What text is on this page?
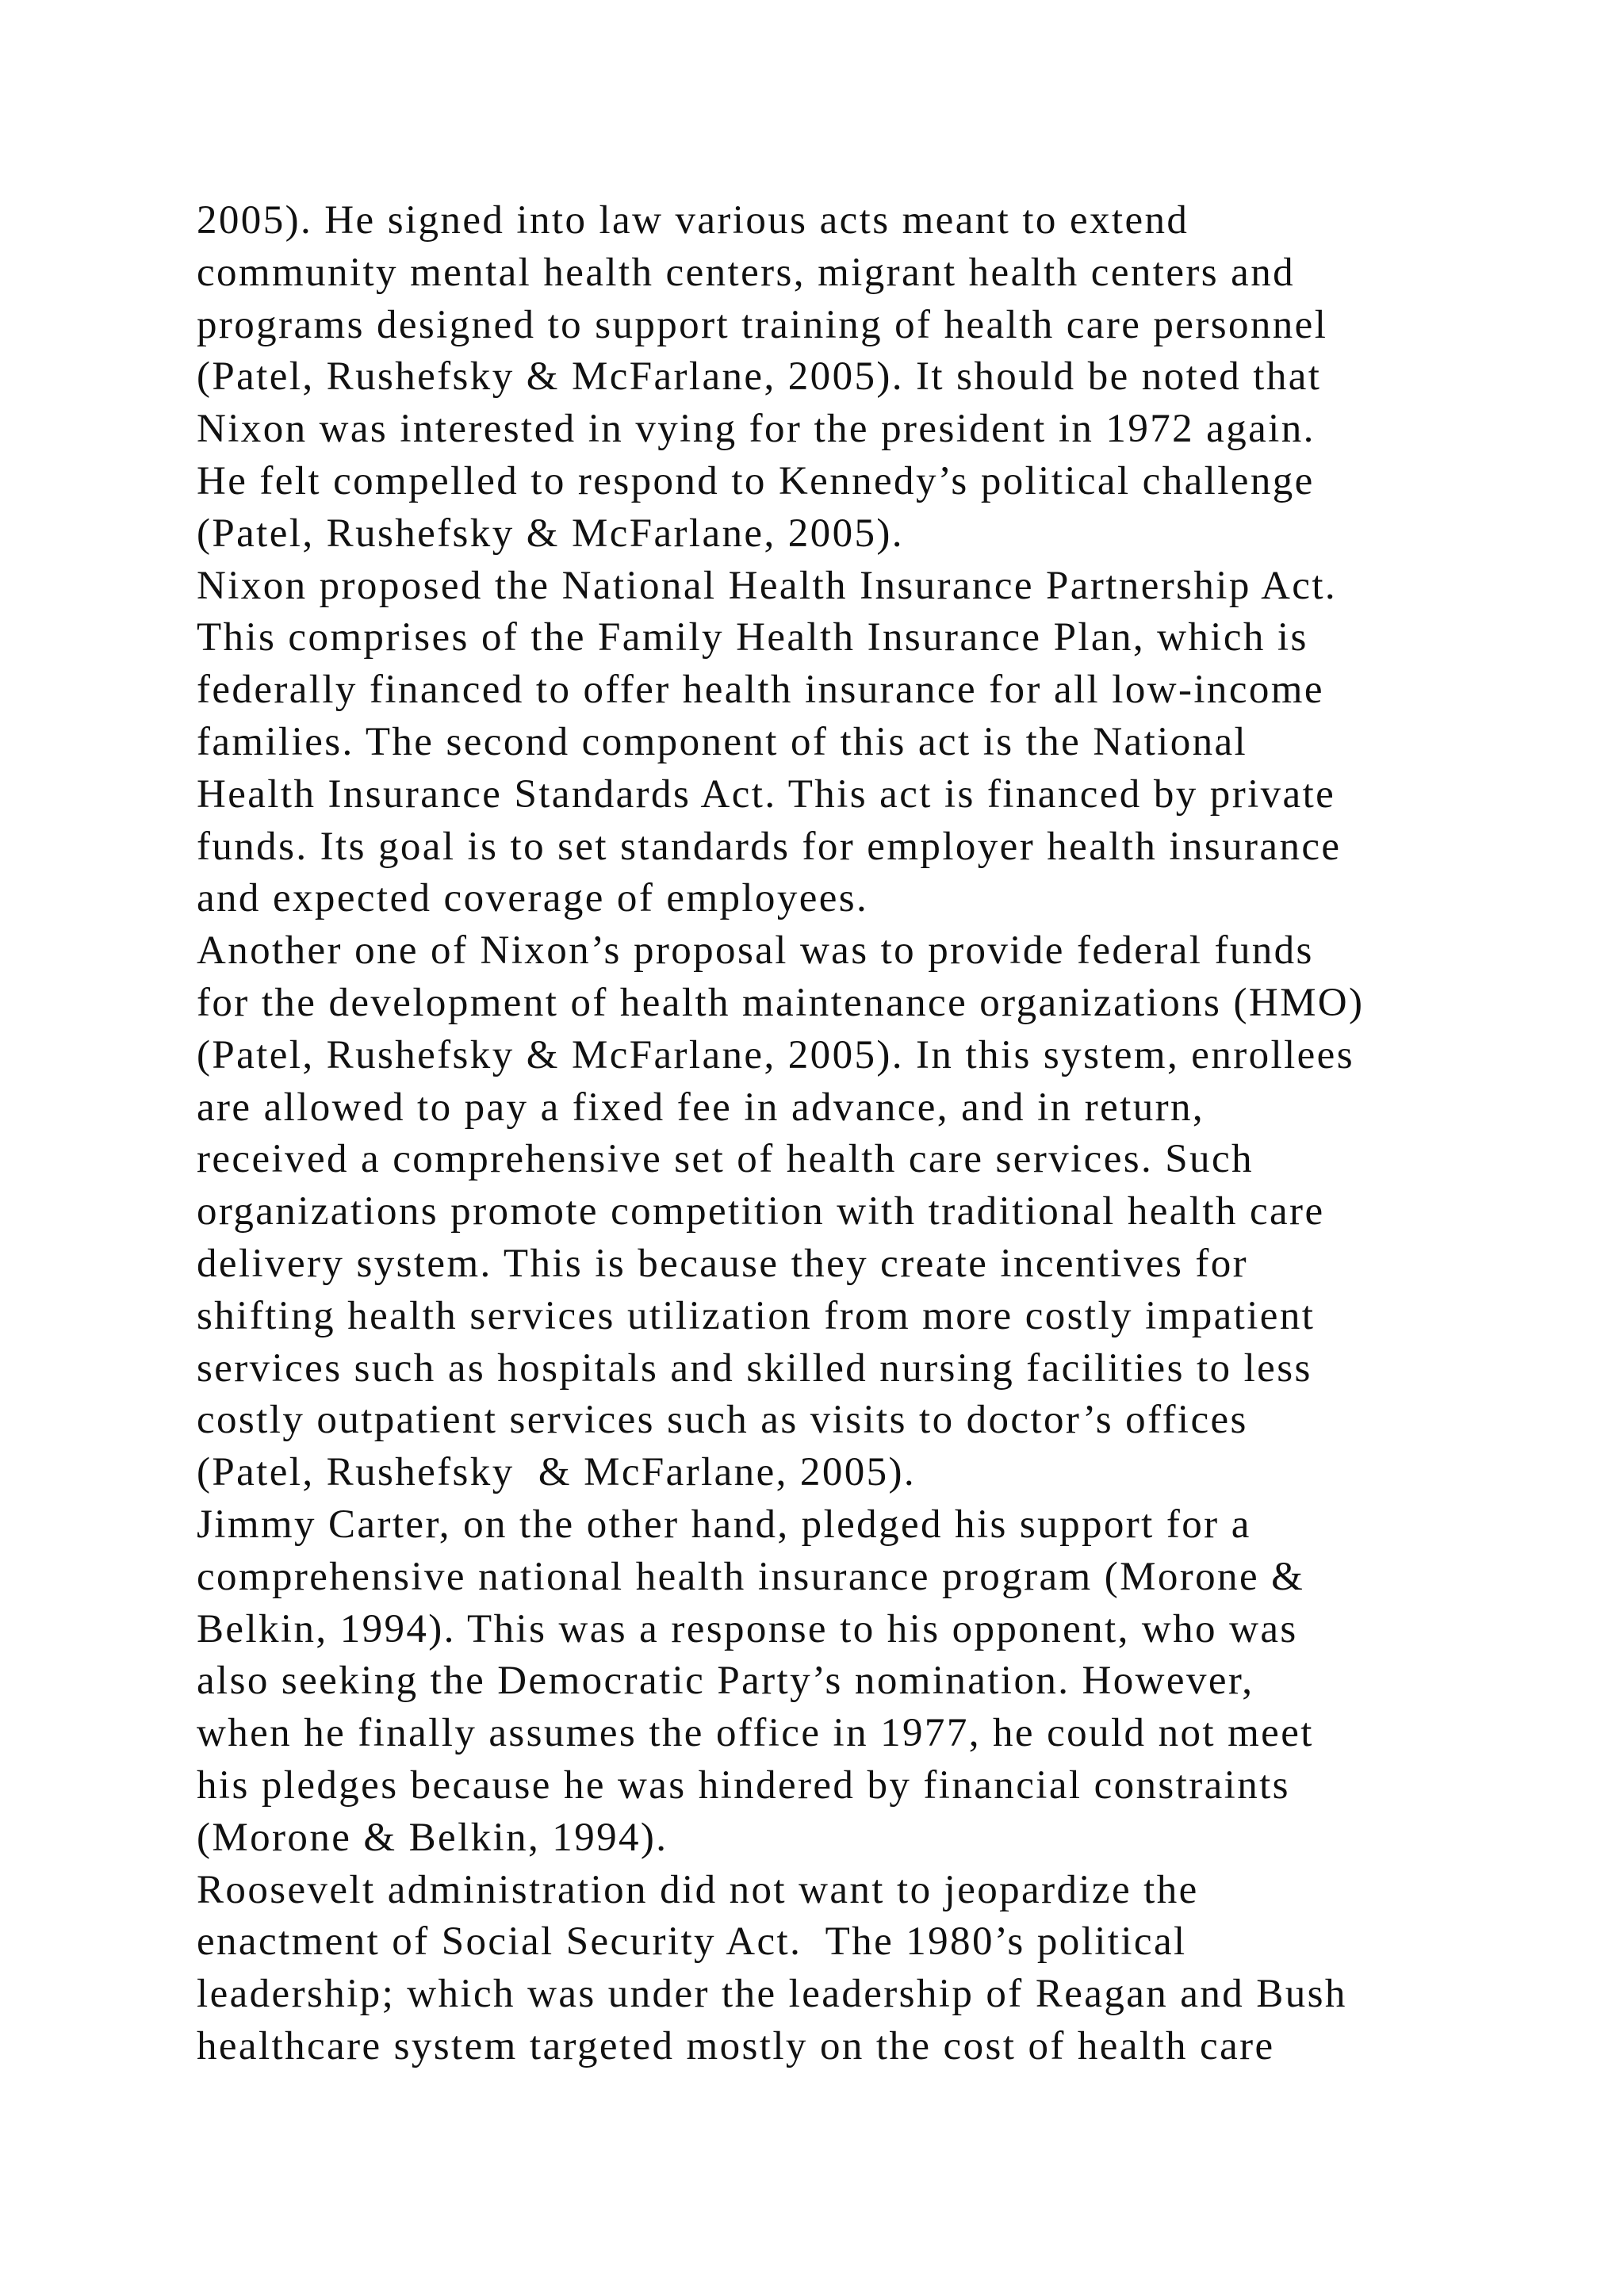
2005). He signed into law various acts meant to extend
community mental health centers, migrant health centers and
programs designed to support training of health care personnel
(Patel, Rushefsky & McFarlane, 2005). It should be noted that
Nixon was interested in vying for the president in 1972 again.
He felt compelled to respond to Kennedy’s political challenge
(Patel, Rushefsky & McFarlane, 2005).
Nixon proposed the National Health Insurance Partnership Act.
This comprises of the Family Health Insurance Plan, which is
federally financed to offer health insurance for all low-income
families. The second component of this act is the National
Health Insurance Standards Act. This act is financed by private
funds. Its goal is to set standards for employer health insurance
and expected coverage of employees.
Another one of Nixon’s proposal was to provide federal funds
for the development of health maintenance organizations (HMO)
(Patel, Rushefsky & McFarlane, 2005). In this system, enrollees
are allowed to pay a fixed fee in advance, and in return,
received a comprehensive set of health care services. Such
organizations promote competition with traditional health care
delivery system. This is because they create incentives for
shifting health services utilization from more costly impatient
services such as hospitals and skilled nursing facilities to less
costly outpatient services such as visits to doctor’s offices
(Patel, Rushefsky  & McFarlane, 2005).
Jimmy Carter, on the other hand, pledged his support for a
comprehensive national health insurance program (Morone &
Belkin, 1994). This was a response to his opponent, who was
also seeking the Democratic Party’s nomination. However,
when he finally assumes the office in 1977, he could not meet
his pledges because he was hindered by financial constraints
(Morone & Belkin, 1994).
Roosevelt administration did not want to jeopardize the
enactment of Social Security Act.  The 1980’s political
leadership; which was under the leadership of Reagan and Bush
healthcare system targeted mostly on the cost of health care
